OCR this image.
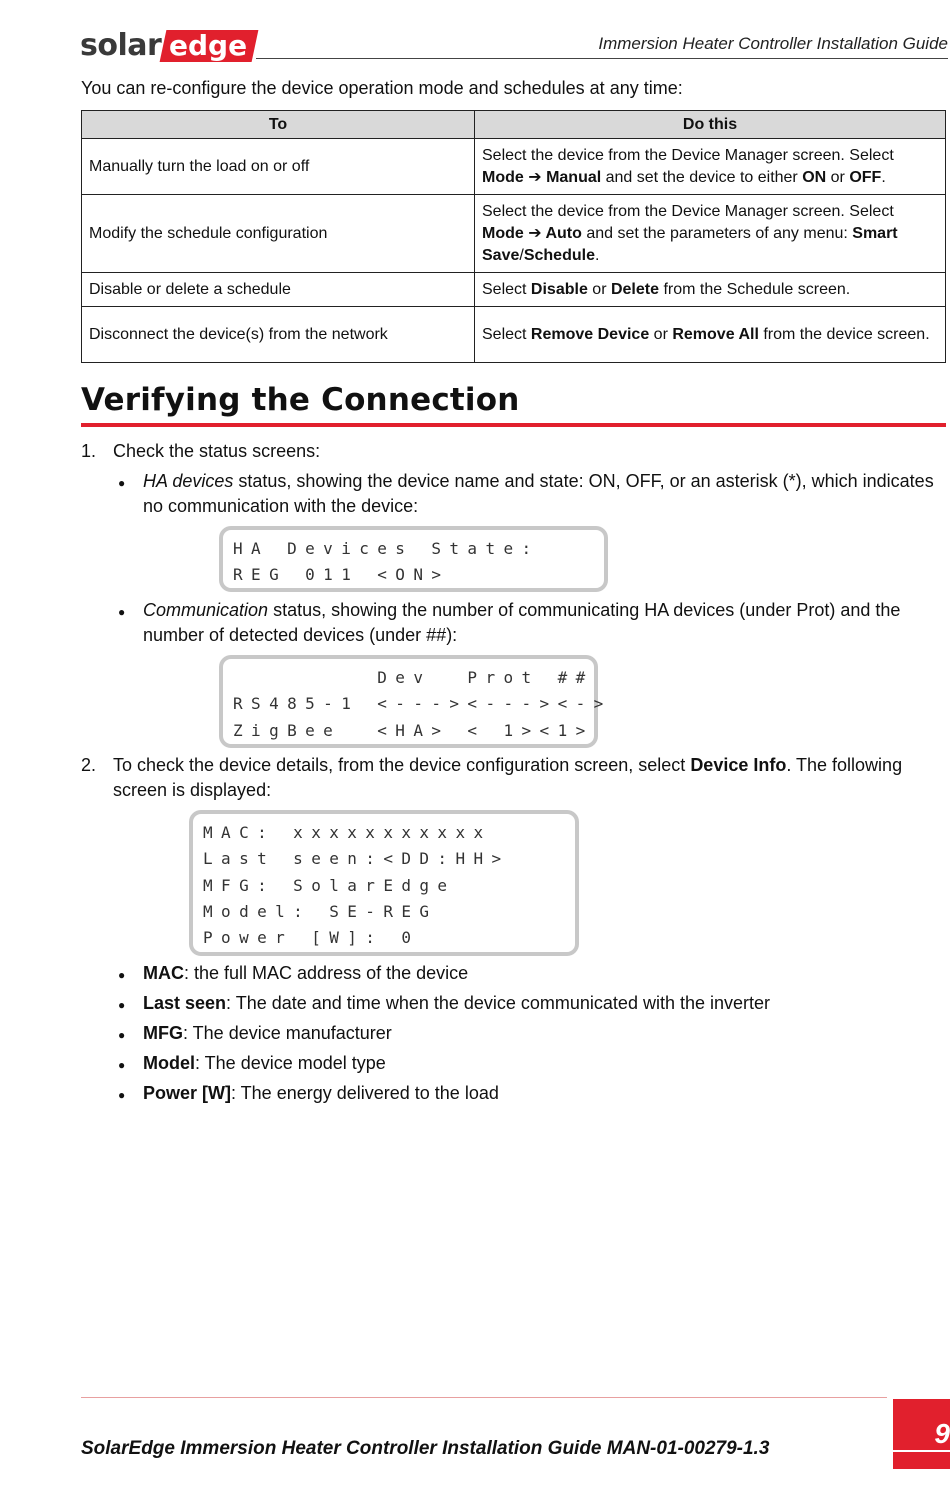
solar edge	Immersion Heater Controller Installation Guide
You can re-configure the device operation mode and schedules at any time:
To	Do this
Manually turn the load on or off	Select the device from the Device Manager screen. Select Mode ➔ Manual and set the device to either ON or OFF.
Modify the schedule configuration	Select the device from the Device Manager screen. Select Mode ➔ Auto and set the parameters of any menu: Smart Save/Schedule.
Disable or delete a schedule	Select Disable or Delete from the Schedule screen.
Disconnect the device(s) from the network	Select Remove Device or Remove All from the device screen.
Verifying the Connection
1. Check the status screens:
● HA devices status, showing the device name and state: ON, OFF, or an asterisk (*), which indicates no communication with the device:
HA Devices State:
REG 011 <ON>
● Communication status, showing the number of communicating HA devices (under Prot) and the number of detected devices (under ##):
Dev  Prot ##
RS485-1 <---><---><->
ZigBee  <HA> < 1><1>
2. To check the device details, from the device configuration screen, select Device Info. The following screen is displayed:
MAC: xxxxxxxxxxx
Last seen:<DD:HH>
MFG: SolarEdge
Model: SE-REG
Power [W]: 0
● MAC: the full MAC address of the device
● Last seen: The date and time when the device communicated with the inverter
● MFG: The device manufacturer
● Model: The device model type
● Power [W]: The energy delivered to the load
SolarEdge Immersion Heater Controller Installation Guide MAN-01-00279-1.3	9
